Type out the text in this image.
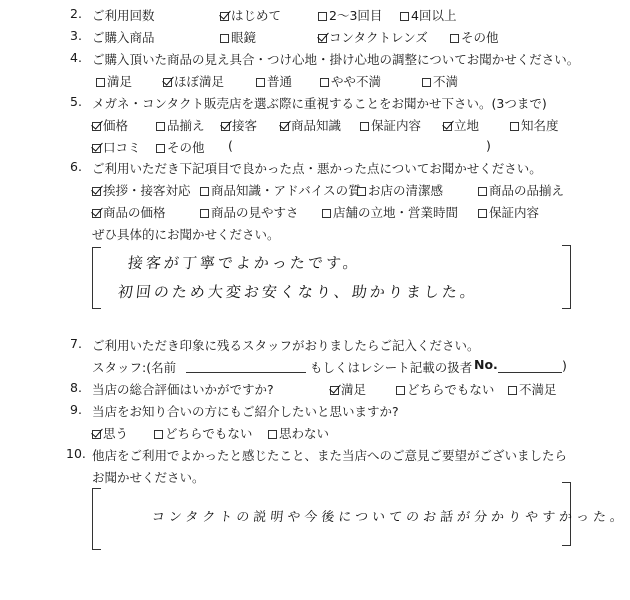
2. ご利用回数	はじめて	2〜3回目	4回以上
3. ご購入商品	眼鏡	コンタクトレンズ	その他
4. ご購入頂いた商品の見え具合・つけ心地・掛け心地の調整についてお聞かせください。
満足	ほぼ満足	普通	やや不満	不満
5. メガネ・コンタクト販売店を選ぶ際に重視することをお聞かせ下さい。(3つまで)
価格	品揃え	接客	商品知識	保証内容	立地	知名度
口コミ	その他 (	)
6. ご利用いただき下記項目で良かった点・悪かった点についてお聞かせください。
挨拶・接客対応	商品知識・アドバイスの質 お店の清潔感	商品の品揃え
商品の価格	商品の見やすさ	店舗の立地・営業時間	保証内容
ぜひ具体的にお聞かせください。
接客が丁寧でよかったです。
初回のため大変お安くなり、助かりました。
7. ご利用いただき印象に残るスタッフがおりましたらご記入ください。
スタッフ:(名前	もしくはレシート記載の扱者 No.	)
8. 当店の総合評価はいかがですか?	満足	どちらでもない	不満足
9. 当店をお知り合いの方にもご紹介したいと思いますか?
思う	どちらでもない	思わない
10. 他店をご利用でよかったと感じたこと、また当店へのご意見ご要望がございましたら
お聞かせください。
コンタクトの説明や今後についてのお話が分かりやすかった。
